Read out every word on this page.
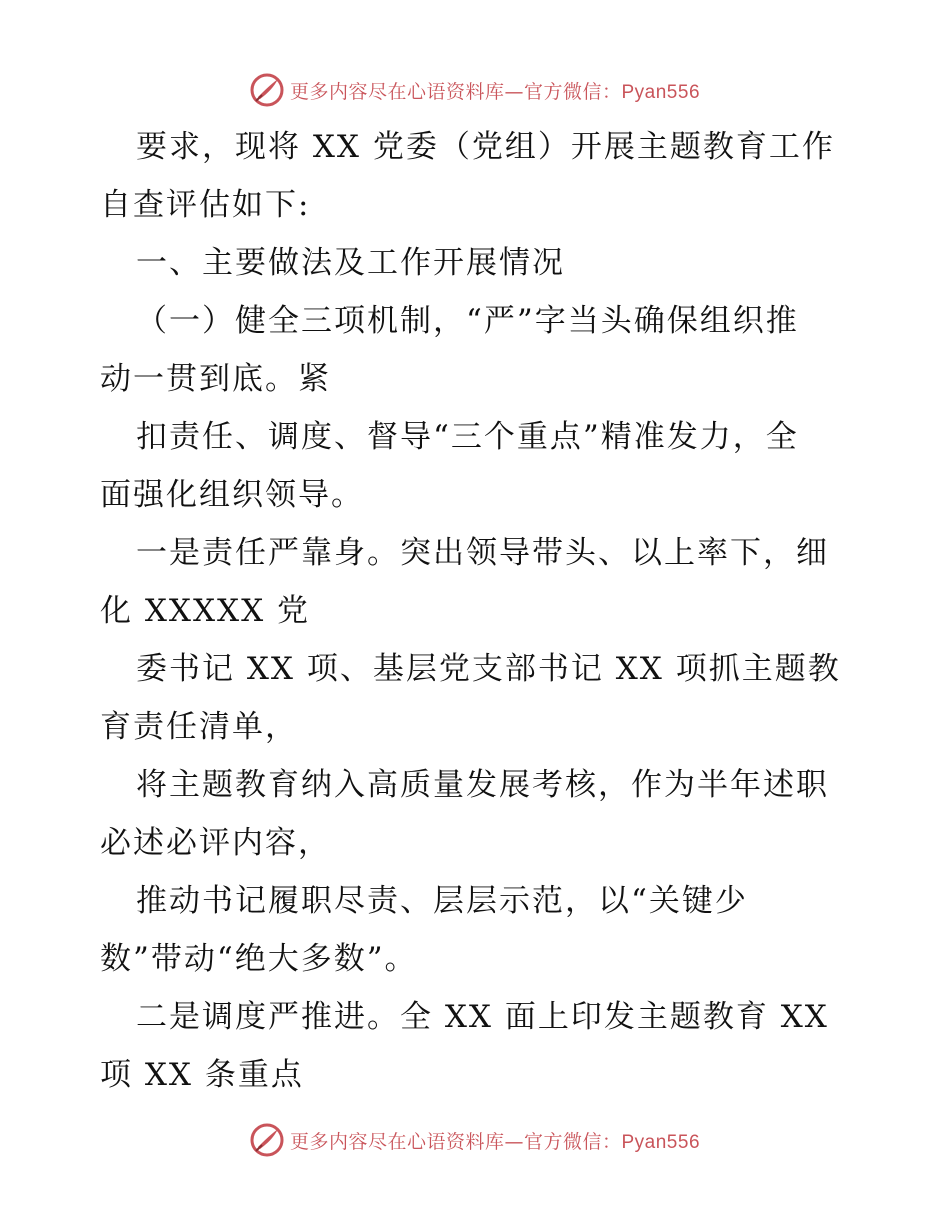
更多内容尽在心语资料库—官方微信：Pyan556
要求，现将 XX 党委（党组）开展主题教育工作
自查评估如下:
一、主要做法及工作开展情况
（一）健全三项机制，“严”字当头确保组织推
动一贯到底。紧
扣责任、调度、督导“三个重点”精准发力，全
面强化组织领导。
一是责任严靠身。突出领导带头、以上率下，细
化 XXXXX 党
委书记 XX 项、基层党支部书记 XX 项抓主题教
育责任清单，
将主题教育纳入高质量发展考核，作为半年述职
必述必评内容，
推动书记履职尽责、层层示范，以“关键少
数”带动“绝大多数”。
二是调度严推进。全 XX 面上印发主题教育 XX
项 XX 条重点
更多内容尽在心语资料库—官方微信：Pyan556
